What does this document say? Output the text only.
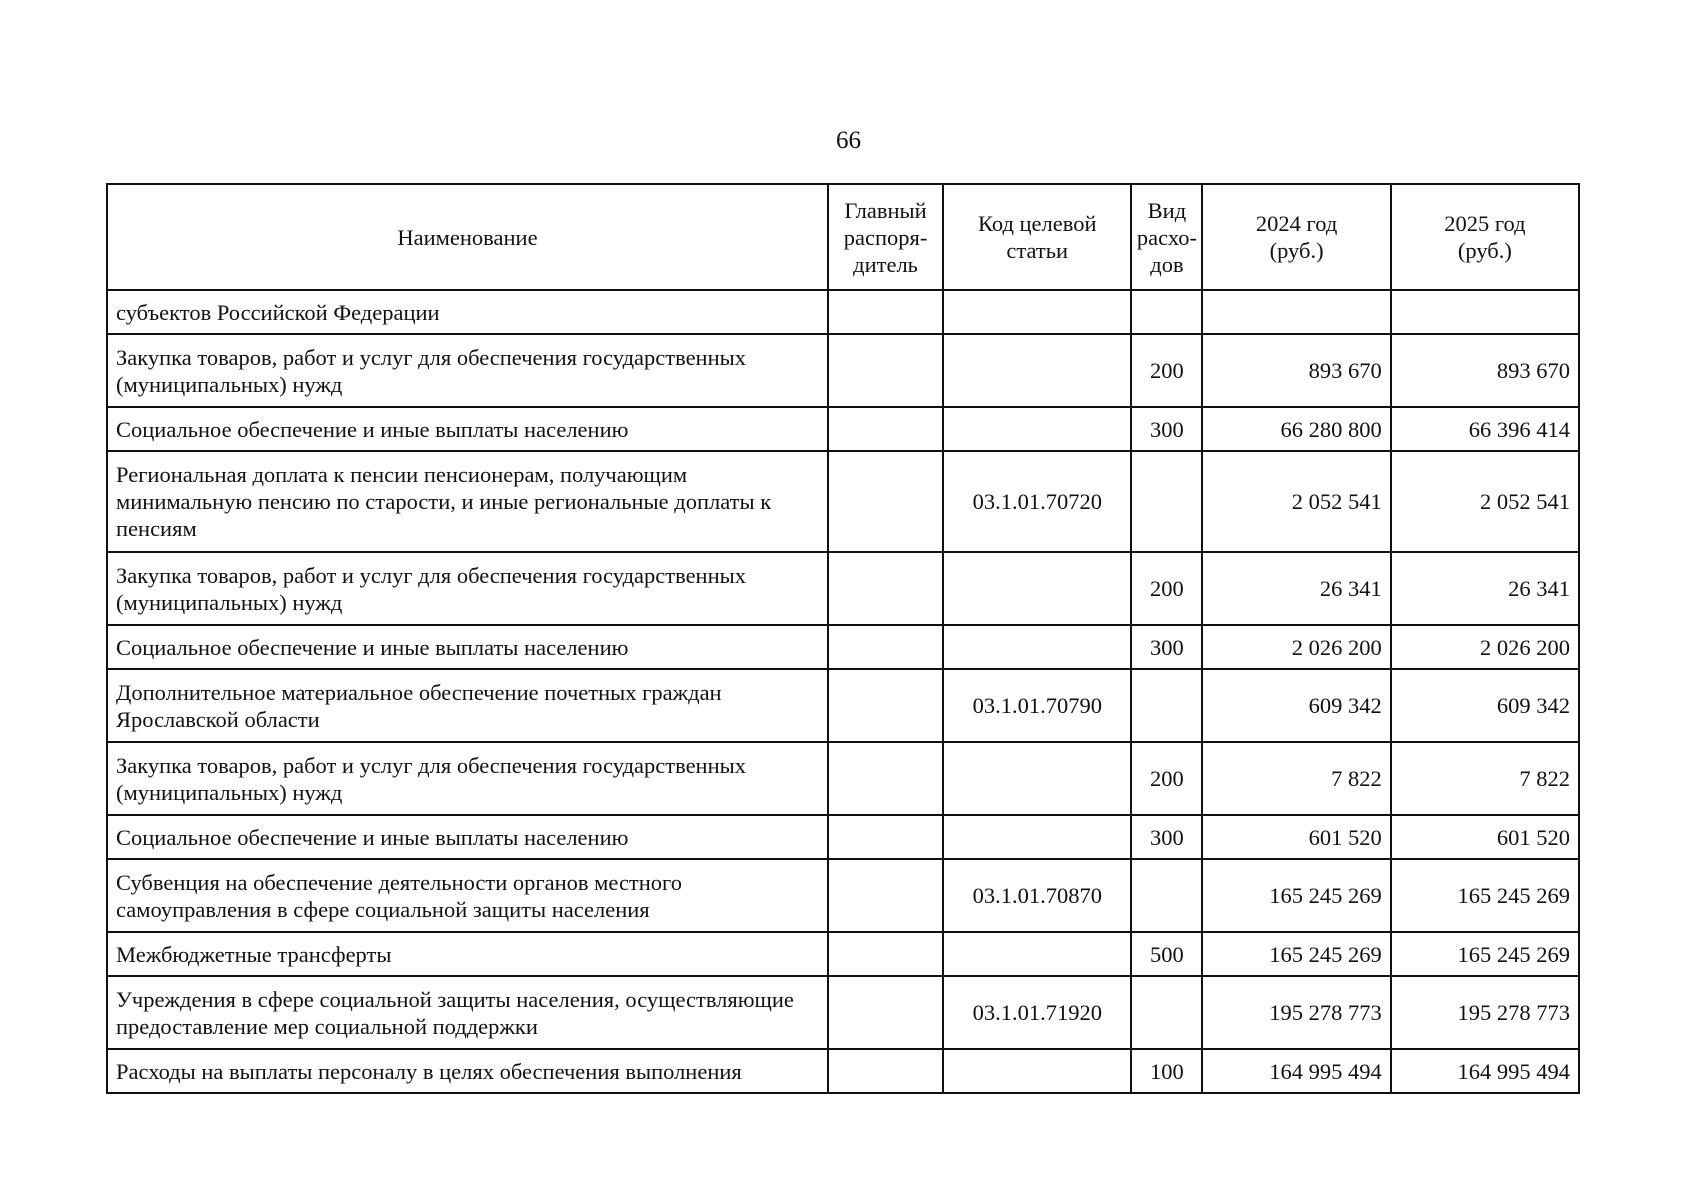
66
Наименование	Главный
распоря-
дитель	Код целевой
статьи	Вид
расхо-
дов	2024 год
(руб.)	2025 год
(руб.)

субъектов Российской Федерации					
Закупка товаров, работ и услуг для обеспечения государственных (муниципальных) нужд			200	893 670	893 670
Социальное обеспечение и иные выплаты населению			300	66 280 800	66 396 414
Региональная доплата к пенсии пенсионерам, получающим минимальную пенсию по старости, и иные региональные доплаты к пенсиям		03.1.01.70720		2 052 541	2 052 541
Закупка товаров, работ и услуг для обеспечения государственных (муниципальных) нужд			200	26 341	26 341
Социальное обеспечение и иные выплаты населению			300	2 026 200	2 026 200
Дополнительное материальное обеспечение почетных граждан Ярославской области		03.1.01.70790		609 342	609 342
Закупка товаров, работ и услуг для обеспечения государственных (муниципальных) нужд			200	7 822	7 822
Социальное обеспечение и иные выплаты населению			300	601 520	601 520
Субвенция на обеспечение деятельности органов местного самоуправления в сфере социальной защиты населения		03.1.01.70870		165 245 269	165 245 269
Межбюджетные трансферты			500	165 245 269	165 245 269
Учреждения в сфере социальной защиты населения, осуществляющие предоставление мер социальной поддержки		03.1.01.71920		195 278 773	195 278 773
Расходы на выплаты персоналу в целях обеспечения выполнения			100	164 995 494	164 995 494
